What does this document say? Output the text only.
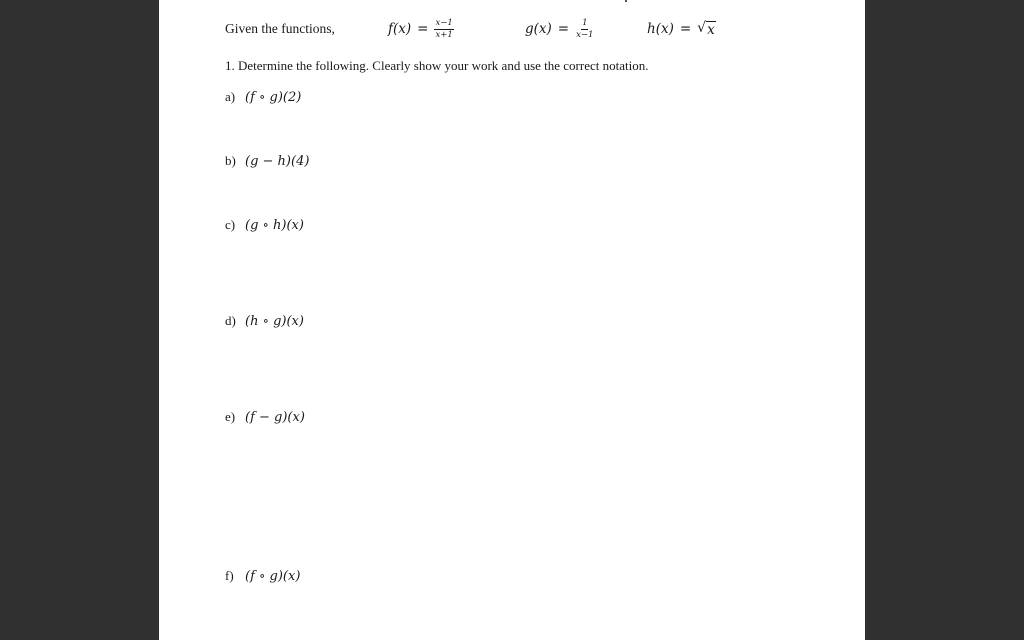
Given the functions,	$f(x) = \frac{x-1}{x+1}$	$g(x) = \frac{1}{x-1}$	h(x) = √ x
1. Determine the following. Clearly show your work and use the correct notation.
a) (f ∘ g)(2)
b) (g − h)(4)
c) (g ∘ h)(x)
d) (h ∘ g)(x)
e) (f − g)(x)
f) (f ∘ g)(x)
